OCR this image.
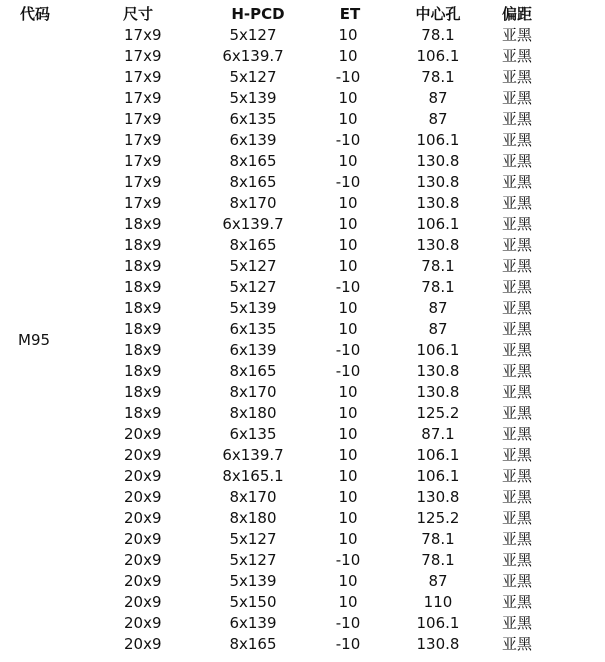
代码	尺寸	H-PCD	ET	中心孔	偏距
M95	17x9	5x127	10	78.1	亚黑
	17x9	6x139.7	10	106.1	亚黑
	17x9	5x127	-10	78.1	亚黑
	17x9	5x139	10	87	亚黑
	17x9	6x135	10	87	亚黑
	17x9	6x139	-10	106.1	亚黑
	17x9	8x165	10	130.8	亚黑
	17x9	8x165	-10	130.8	亚黑
	17x9	8x170	10	130.8	亚黑
	18x9	6x139.7	10	106.1	亚黑
	18x9	8x165	10	130.8	亚黑
	18x9	5x127	10	78.1	亚黑
	18x9	5x127	-10	78.1	亚黑
	18x9	5x139	10	87	亚黑
	18x9	6x135	10	87	亚黑
	18x9	6x139	-10	106.1	亚黑
	18x9	8x165	-10	130.8	亚黑
	18x9	8x170	10	130.8	亚黑
	18x9	8x180	10	125.2	亚黑
	20x9	6x135	10	87.1	亚黑
	20x9	6x139.7	10	106.1	亚黑
	20x9	8x165.1	10	106.1	亚黑
	20x9	8x170	10	130.8	亚黑
	20x9	8x180	10	125.2	亚黑
	20x9	5x127	10	78.1	亚黑
	20x9	5x127	-10	78.1	亚黑
	20x9	5x139	10	87	亚黑
	20x9	5x150	10	110	亚黑
	20x9	6x139	-10	106.1	亚黑
	20x9	8x165	-10	130.8	亚黑
